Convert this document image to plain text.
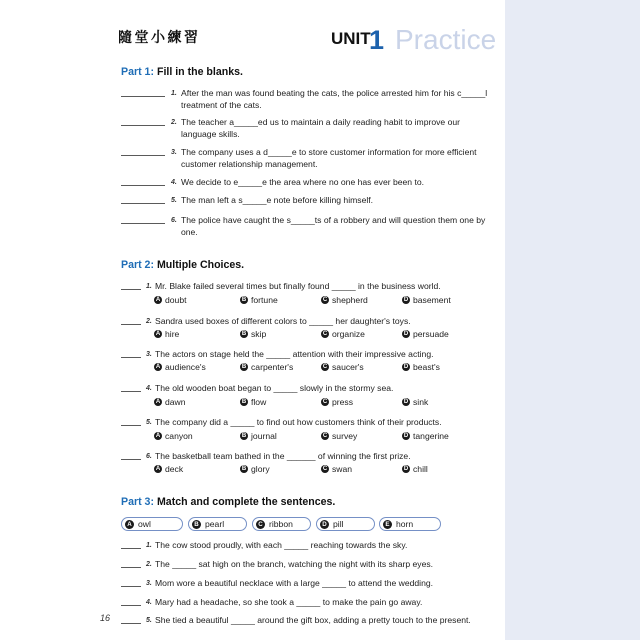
隨堂小練習	UNIT
1 Practice
Part 1: Fill in the blanks.
1. After the man was found beating the cats, the police arrested him for his c_____l treatment of the cats.
2. The teacher a_____ed us to maintain a daily reading habit to improve our language skills.
3. The company uses a d_____e to store customer information for more efficient customer relationship management.
4. We decide to e_____e the area where no one has ever been to.
5. The man left a s_____e note before killing himself.
6. The police have caught the s_____ts of a robbery and will question them one by one.
Part 2: Multiple Choices.
1. Mr. Blake failed several times but finally found _____ in the business world.
A doubt	B fortune	C shepherd	D basement
2. Sandra used boxes of different colors to _____ her daughter's toys.
A hire	B skip	C organize	D persuade
3. The actors on stage held the _____ attention with their impressive acting.
A audience's	B carpenter's	C saucer's	D beast's
4. The old wooden boat began to _____ slowly in the stormy sea.
A dawn	B flow	C press	D sink
5. The company did a _____ to find out how customers think of their products.
A canyon	B journal	C survey	D tangerine
6. The basketball team bathed in the ______ of winning the first prize.
A deck	B glory	C swan	D chill
Part 3: Match and complete the sentences.
A owl	B pearl	C ribbon	D pill	E horn
1. The cow stood proudly, with each _____ reaching towards the sky.
2. The _____ sat high on the branch, watching the night with its sharp eyes.
3. Mom wore a beautiful necklace with a large _____ to attend the wedding.
4. Mary had a headache, so she took a _____ to make the pain go away.
5. She tied a beautiful _____ around the gift box, adding a pretty touch to the present.
16
